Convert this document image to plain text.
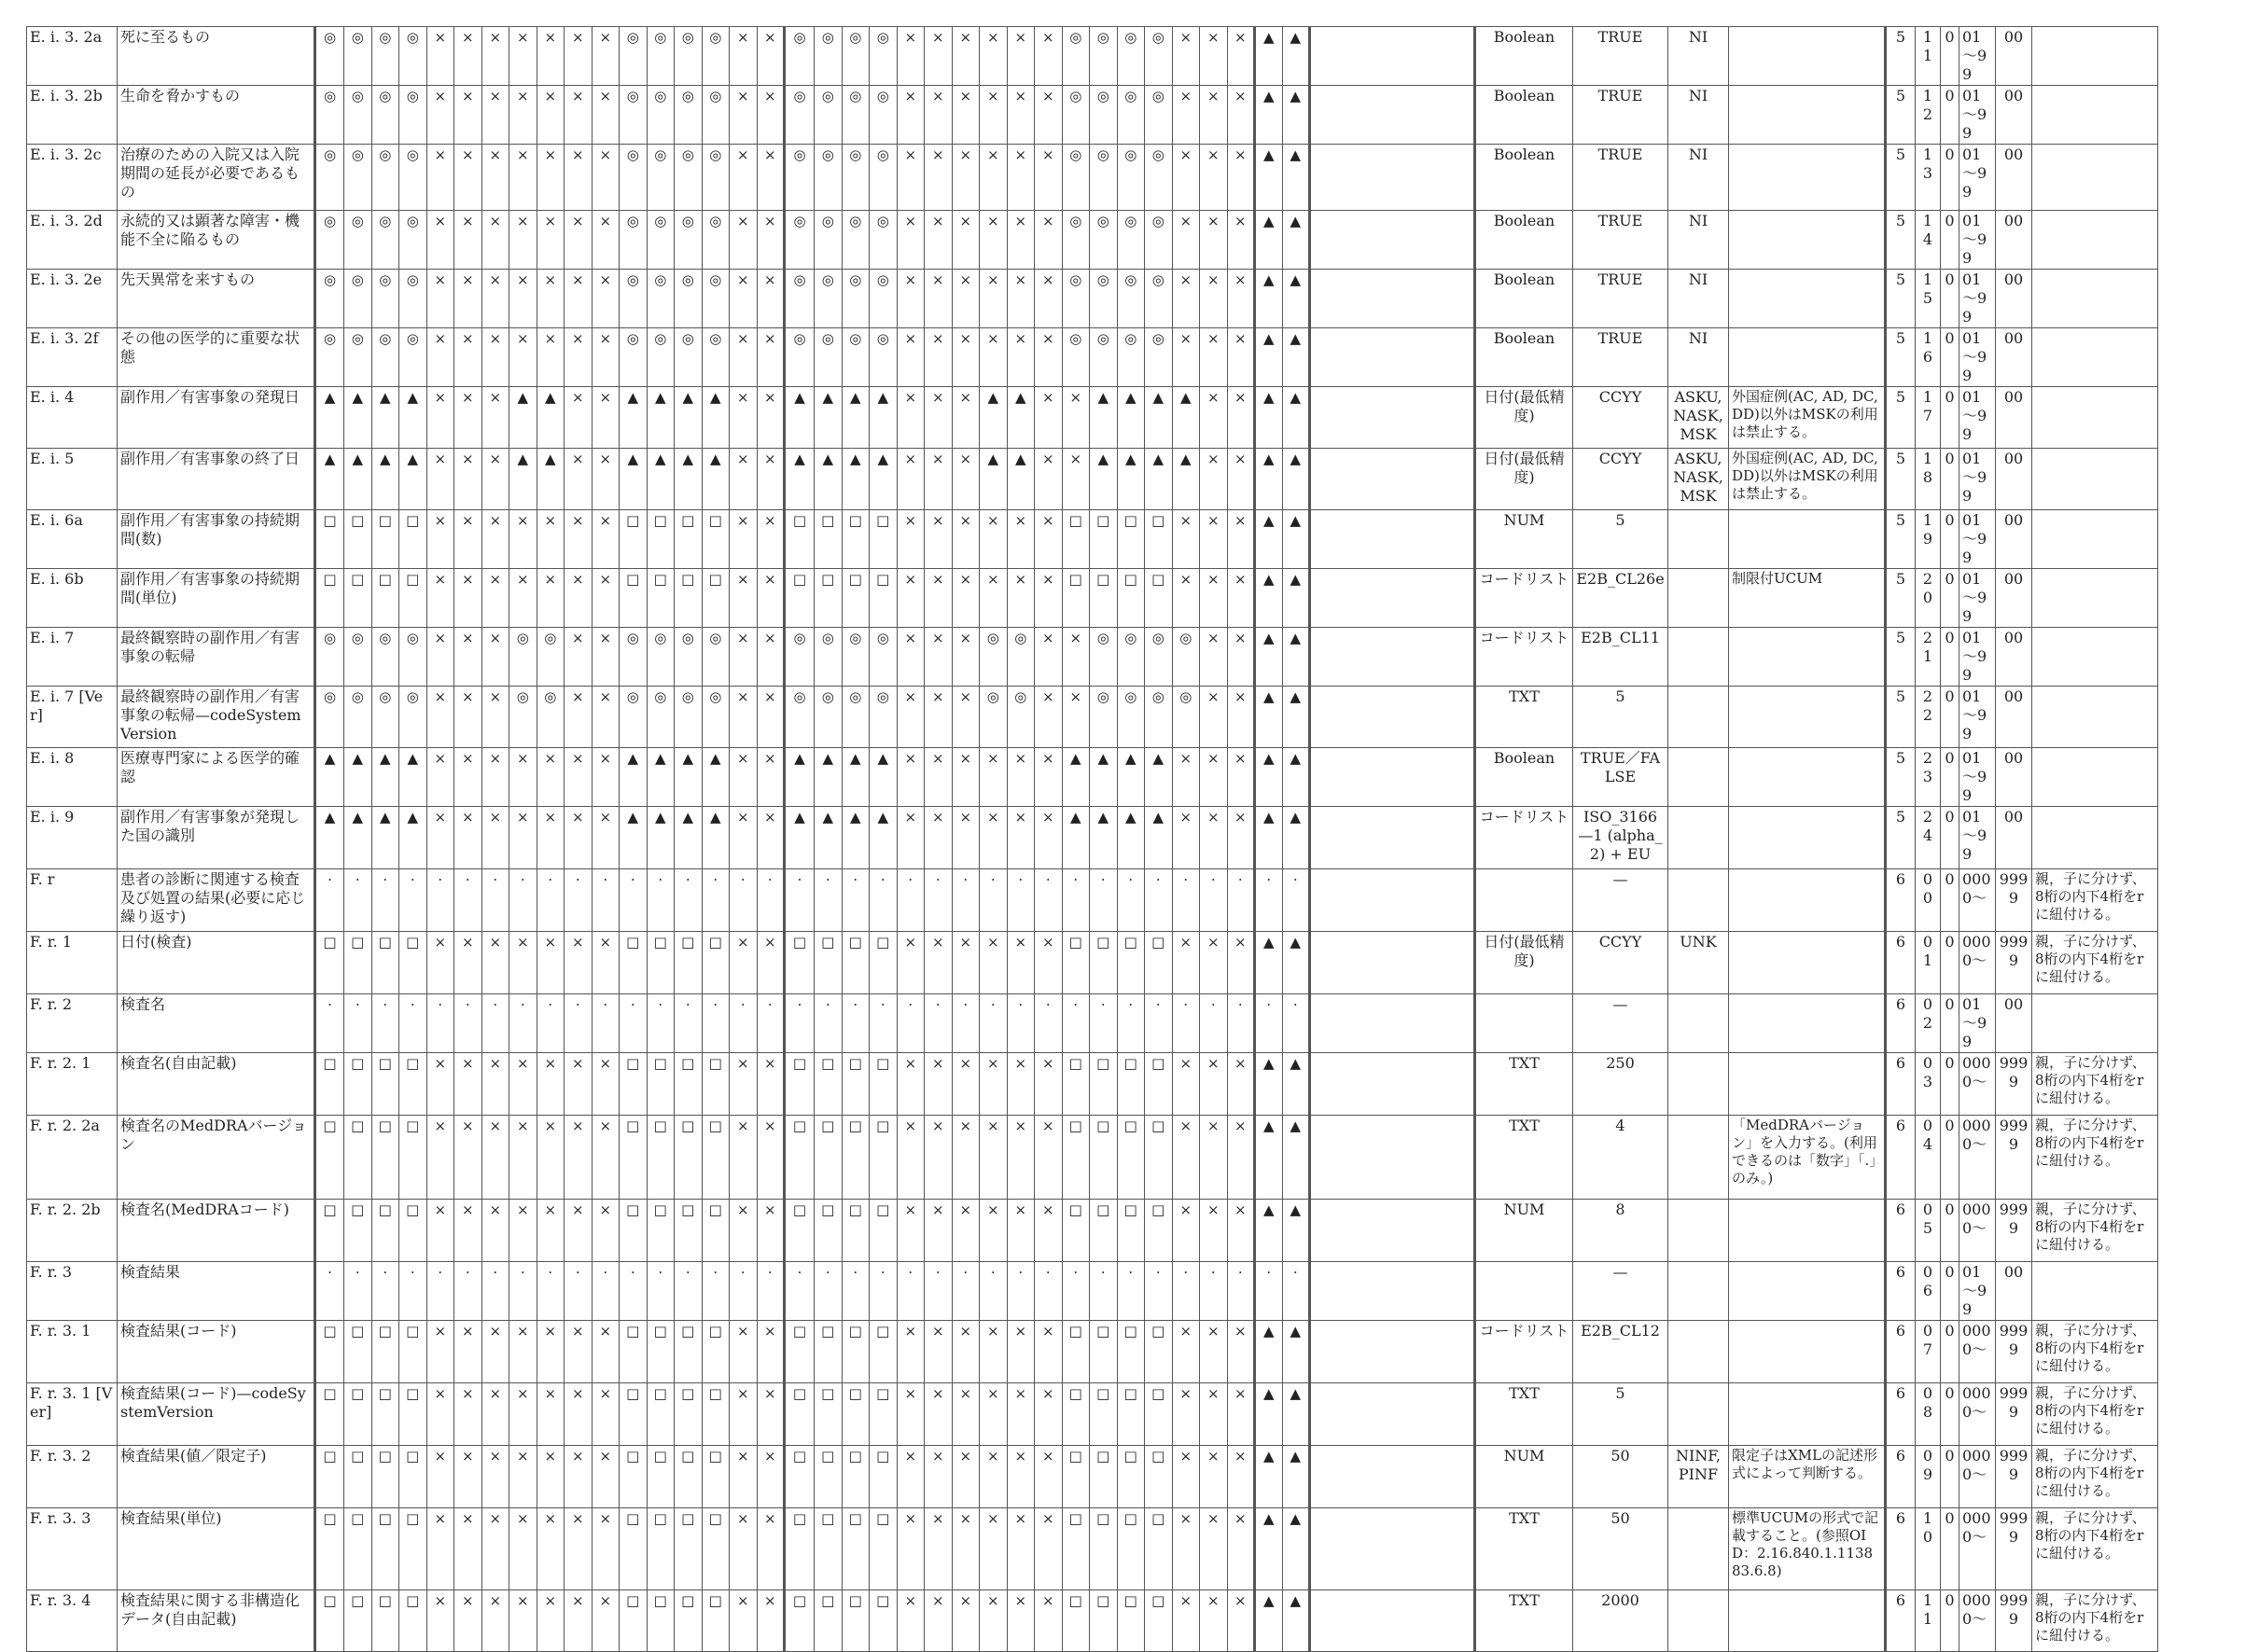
E. i. 3. 2a	死に至るもの	◎	◎	◎	◎	×	×	×	×	×	×	×	◎	◎	◎	◎	×	×	◎	◎	◎	◎	×	×	×	×	×	×	◎	◎	◎	◎	×	×	×	▲	▲		Boolean	TRUE	NI		5	11	0	01～99	00	
E. i. 3. 2b	生命を脅かすもの	◎	◎	◎	◎	×	×	×	×	×	×	×	◎	◎	◎	◎	×	×	◎	◎	◎	◎	×	×	×	×	×	×	◎	◎	◎	◎	×	×	×	▲	▲		Boolean	TRUE	NI		5	12	0	01～99	00	
E. i. 3. 2c	治療のための入院又は入院期間の延長が必要であるもの	◎	◎	◎	◎	×	×	×	×	×	×	×	◎	◎	◎	◎	×	×	◎	◎	◎	◎	×	×	×	×	×	×	◎	◎	◎	◎	×	×	×	▲	▲		Boolean	TRUE	NI		5	13	0	01～99	00	
E. i. 3. 2d	永続的又は顕著な障害・機能不全に陥るもの	◎	◎	◎	◎	×	×	×	×	×	×	×	◎	◎	◎	◎	×	×	◎	◎	◎	◎	×	×	×	×	×	×	◎	◎	◎	◎	×	×	×	▲	▲		Boolean	TRUE	NI		5	14	0	01～99	00	
E. i. 3. 2e	先天異常を来すもの	◎	◎	◎	◎	×	×	×	×	×	×	×	◎	◎	◎	◎	×	×	◎	◎	◎	◎	×	×	×	×	×	×	◎	◎	◎	◎	×	×	×	▲	▲		Boolean	TRUE	NI		5	15	0	01～99	00	
E. i. 3. 2f	その他の医学的に重要な状態	◎	◎	◎	◎	×	×	×	×	×	×	×	◎	◎	◎	◎	×	×	◎	◎	◎	◎	×	×	×	×	×	×	◎	◎	◎	◎	×	×	×	▲	▲		Boolean	TRUE	NI		5	16	0	01～99	00	
E. i. 4	副作用／有害事象の発現日	▲	▲	▲	▲	×	×	×	▲	▲	×	×	▲	▲	▲	▲	×	×	▲	▲	▲	▲	×	×	×	▲	▲	×	×	▲	▲	▲	▲	×	×	▲	▲		日付(最低精度)	CCYY	ASKU, NASK, MSK	外国症例(AC, AD, DC, DD)以外はMSKの利用は禁止する。	5	17	0	01～99	00	
E. i. 5	副作用／有害事象の終了日	▲	▲	▲	▲	×	×	×	▲	▲	×	×	▲	▲	▲	▲	×	×	▲	▲	▲	▲	×	×	×	▲	▲	×	×	▲	▲	▲	▲	×	×	▲	▲		日付(最低精度)	CCYY	ASKU, NASK, MSK	外国症例(AC, AD, DC, DD)以外はMSKの利用は禁止する。	5	18	0	01～99	00	
E. i. 6a	副作用／有害事象の持続期間(数)	□	□	□	□	×	×	×	×	×	×	×	□	□	□	□	×	×	□	□	□	□	×	×	×	×	×	×	□	□	□	□	×	×	×	▲	▲		NUM	5			5	19	0	01～99	00	
E. i. 6b	副作用／有害事象の持続期間(単位)	□	□	□	□	×	×	×	×	×	×	×	□	□	□	□	×	×	□	□	□	□	×	×	×	×	×	×	□	□	□	□	×	×	×	▲	▲		コードリスト	E2B_CL26e		制限付UCUM	5	20	0	01～99	00	
E. i. 7	最終観察時の副作用／有害事象の転帰	◎	◎	◎	◎	×	×	×	◎	◎	×	×	◎	◎	◎	◎	×	×	◎	◎	◎	◎	×	×	×	◎	◎	×	×	◎	◎	◎	◎	×	×	▲	▲		コードリスト	E2B_CL11			5	21	0	01～99	00	
E. i. 7 [Ver]	最終観察時の副作用／有害事象の転帰—codeSystemVersion	◎	◎	◎	◎	×	×	×	◎	◎	×	×	◎	◎	◎	◎	×	×	◎	◎	◎	◎	×	×	×	◎	◎	×	×	◎	◎	◎	◎	×	×	▲	▲		TXT	5			5	22	0	01～99	00	
E. i. 8	医療専門家による医学的確認	▲	▲	▲	▲	×	×	×	×	×	×	×	▲	▲	▲	▲	×	×	▲	▲	▲	▲	×	×	×	×	×	×	▲	▲	▲	▲	×	×	×	▲	▲		Boolean	TRUE／FALSE			5	23	0	01～99	00	
E. i. 9	副作用／有害事象が発現した国の識別	▲	▲	▲	▲	×	×	×	×	×	×	×	▲	▲	▲	▲	×	×	▲	▲	▲	▲	×	×	×	×	×	×	▲	▲	▲	▲	×	×	×	▲	▲		コードリスト	ISO_3166—1 (alpha_2) + EU			5	24	0	01～99	00	
F. r	患者の診断に関連する検査及び処置の結果(必要に応じ繰り返す)	·	·	·	·	·	·	·	·	·	·	·	·	·	·	·	·	·	·	·	·	·	·	·	·	·	·	·	·	·	·	·	·	·	·	·	·			—			6	00	0	0000～	9999	親，子に分けず、8桁の内下4桁をrに紐付ける。
F. r. 1	日付(検査)	□	□	□	□	×	×	×	×	×	×	×	□	□	□	□	×	×	□	□	□	□	×	×	×	×	×	×	□	□	□	□	×	×	×	▲	▲		日付(最低精度)	CCYY	UNK		6	01	0	0000～	9999	親，子に分けず、8桁の内下4桁をrに紐付ける。
F. r. 2	検査名	·	·	·	·	·	·	·	·	·	·	·	·	·	·	·	·	·	·	·	·	·	·	·	·	·	·	·	·	·	·	·	·	·	·	·	·			—			6	02	0	01～99	00	
F. r. 2. 1	検査名(自由記載)	□	□	□	□	×	×	×	×	×	×	×	□	□	□	□	×	×	□	□	□	□	×	×	×	×	×	×	□	□	□	□	×	×	×	▲	▲		TXT	250			6	03	0	0000～	9999	親，子に分けず、8桁の内下4桁をrに紐付ける。
F. r. 2. 2a	検査名のMedDRAバージョン	□	□	□	□	×	×	×	×	×	×	×	□	□	□	□	×	×	□	□	□	□	×	×	×	×	×	×	□	□	□	□	×	×	×	▲	▲		TXT	4		「MedDRAバージョン」を入力する。(利用できるのは「数字」「.」のみ。)	6	04	0	0000～	9999	親，子に分けず、8桁の内下4桁をrに紐付ける。
F. r. 2. 2b	検査名(MedDRAコード)	□	□	□	□	×	×	×	×	×	×	×	□	□	□	□	×	×	□	□	□	□	×	×	×	×	×	×	□	□	□	□	×	×	×	▲	▲		NUM	8			6	05	0	0000～	9999	親，子に分けず、8桁の内下4桁をrに紐付ける。
F. r. 3	検査結果	·	·	·	·	·	·	·	·	·	·	·	·	·	·	·	·	·	·	·	·	·	·	·	·	·	·	·	·	·	·	·	·	·	·	·	·			—			6	06	0	01～99	00	
F. r. 3. 1	検査結果(コード)	□	□	□	□	×	×	×	×	×	×	×	□	□	□	□	×	×	□	□	□	□	×	×	×	×	×	×	□	□	□	□	×	×	×	▲	▲		コードリスト	E2B_CL12			6	07	0	0000～	9999	親，子に分けず、8桁の内下4桁をrに紐付ける。
F. r. 3. 1 [Ver]	検査結果(コード)—codeSystemVersion	□	□	□	□	×	×	×	×	×	×	×	□	□	□	□	×	×	□	□	□	□	×	×	×	×	×	×	□	□	□	□	×	×	×	▲	▲		TXT	5			6	08	0	0000～	9999	親，子に分けず、8桁の内下4桁をrに紐付ける。
F. r. 3. 2	検査結果(値／限定子)	□	□	□	□	×	×	×	×	×	×	×	□	□	□	□	×	×	□	□	□	□	×	×	×	×	×	×	□	□	□	□	×	×	×	▲	▲		NUM	50	NINF, PINF	限定子はXMLの記述形式によって判断する。	6	09	0	0000～	9999	親，子に分けず、8桁の内下4桁をrに紐付ける。
F. r. 3. 3	検査結果(単位)	□	□	□	□	×	×	×	×	×	×	×	□	□	□	□	×	×	□	□	□	□	×	×	×	×	×	×	□	□	□	□	×	×	×	▲	▲		TXT	50		標準UCUMの形式で記載すること。(参照OID：2.16.840.1.113883.6.8)	6	10	0	0000～	9999	親，子に分けず、8桁の内下4桁をrに紐付ける。
F. r. 3. 4	検査結果に関する非構造化データ(自由記載)	□	□	□	□	×	×	×	×	×	×	×	□	□	□	□	×	×	□	□	□	□	×	×	×	×	×	×	□	□	□	□	×	×	×	▲	▲		TXT	2000			6	11	0	0000～	9999	親，子に分けず、8桁の内下4桁をrに紐付ける。
